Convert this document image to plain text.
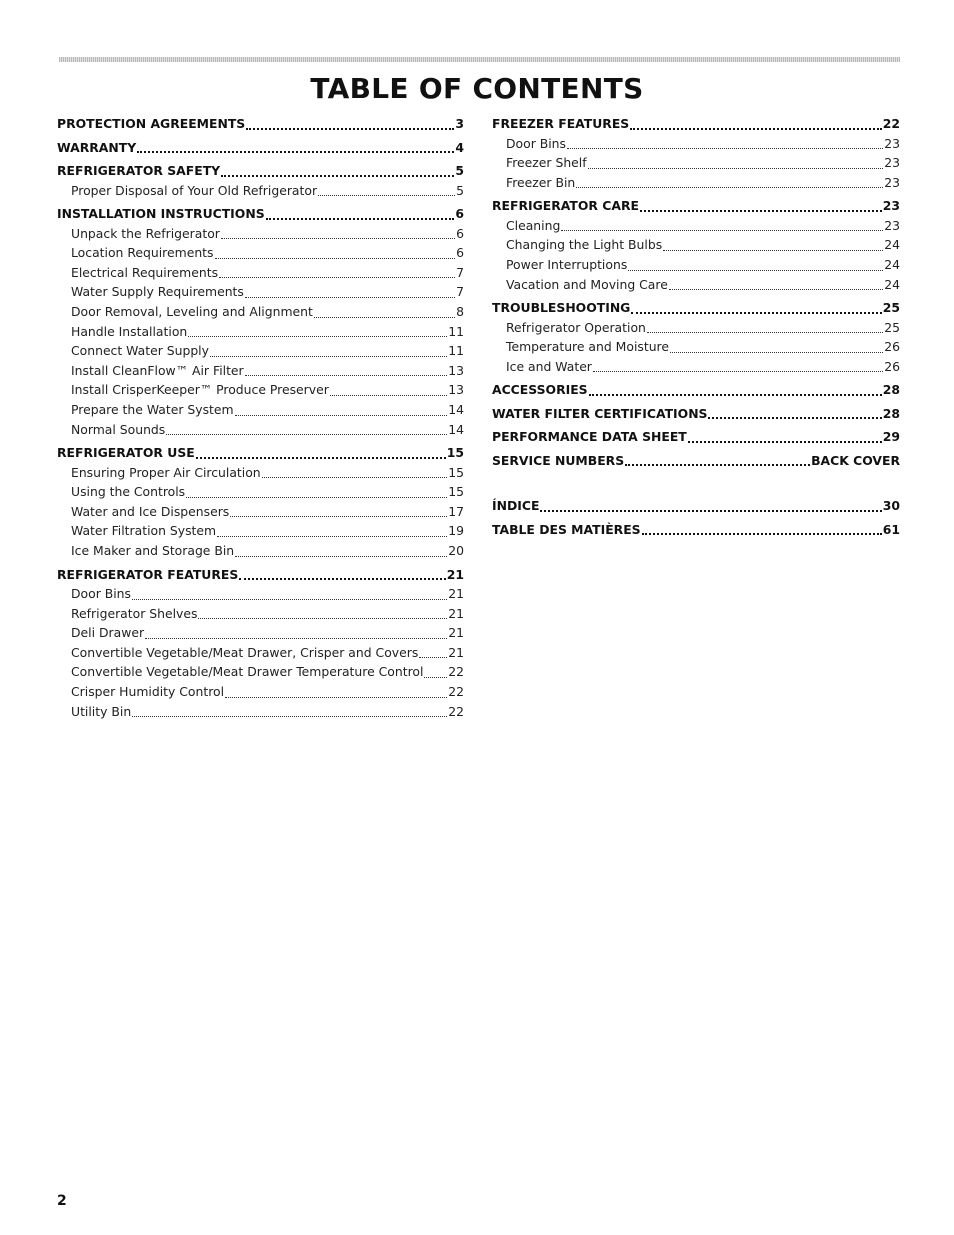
TABLE OF CONTENTS
PROTECTION AGREEMENTS	3
WARRANTY	4
REFRIGERATOR SAFETY	5
Proper Disposal of Your Old Refrigerator	5
INSTALLATION INSTRUCTIONS	6
Unpack the Refrigerator	6
Location Requirements	6
Electrical Requirements	7
Water Supply Requirements	7
Door Removal, Leveling and Alignment	8
Handle Installation	11
Connect Water Supply	11
Install CleanFlow™ Air Filter	13
Install CrisperKeeper™ Produce Preserver	13
Prepare the Water System	14
Normal Sounds	14
REFRIGERATOR USE	15
Ensuring Proper Air Circulation	15
Using the Controls	15
Water and Ice Dispensers	17
Water Filtration System	19
Ice Maker and Storage Bin	20
REFRIGERATOR FEATURES	21
Door Bins	21
Refrigerator Shelves	21
Deli Drawer	21
Convertible Vegetable/Meat Drawer, Crisper and Covers 21
Convertible Vegetable/Meat Drawer Temperature Control 22
Crisper Humidity Control	22
Utility Bin	22
FREEZER FEATURES	22
Door Bins	23
Freezer Shelf	23
Freezer Bin	23
REFRIGERATOR CARE	23
Cleaning	23
Changing the Light Bulbs	24
Power Interruptions	24
Vacation and Moving Care	24
TROUBLESHOOTING	25
Refrigerator Operation	25
Temperature and Moisture	26
Ice and Water	26
ACCESSORIES	28
WATER FILTER CERTIFICATIONS	28
PERFORMANCE DATA SHEET	29
SERVICE NUMBERS	BACK COVER
ÍNDICE	30
TABLE DES MATIÈRES	61
2
